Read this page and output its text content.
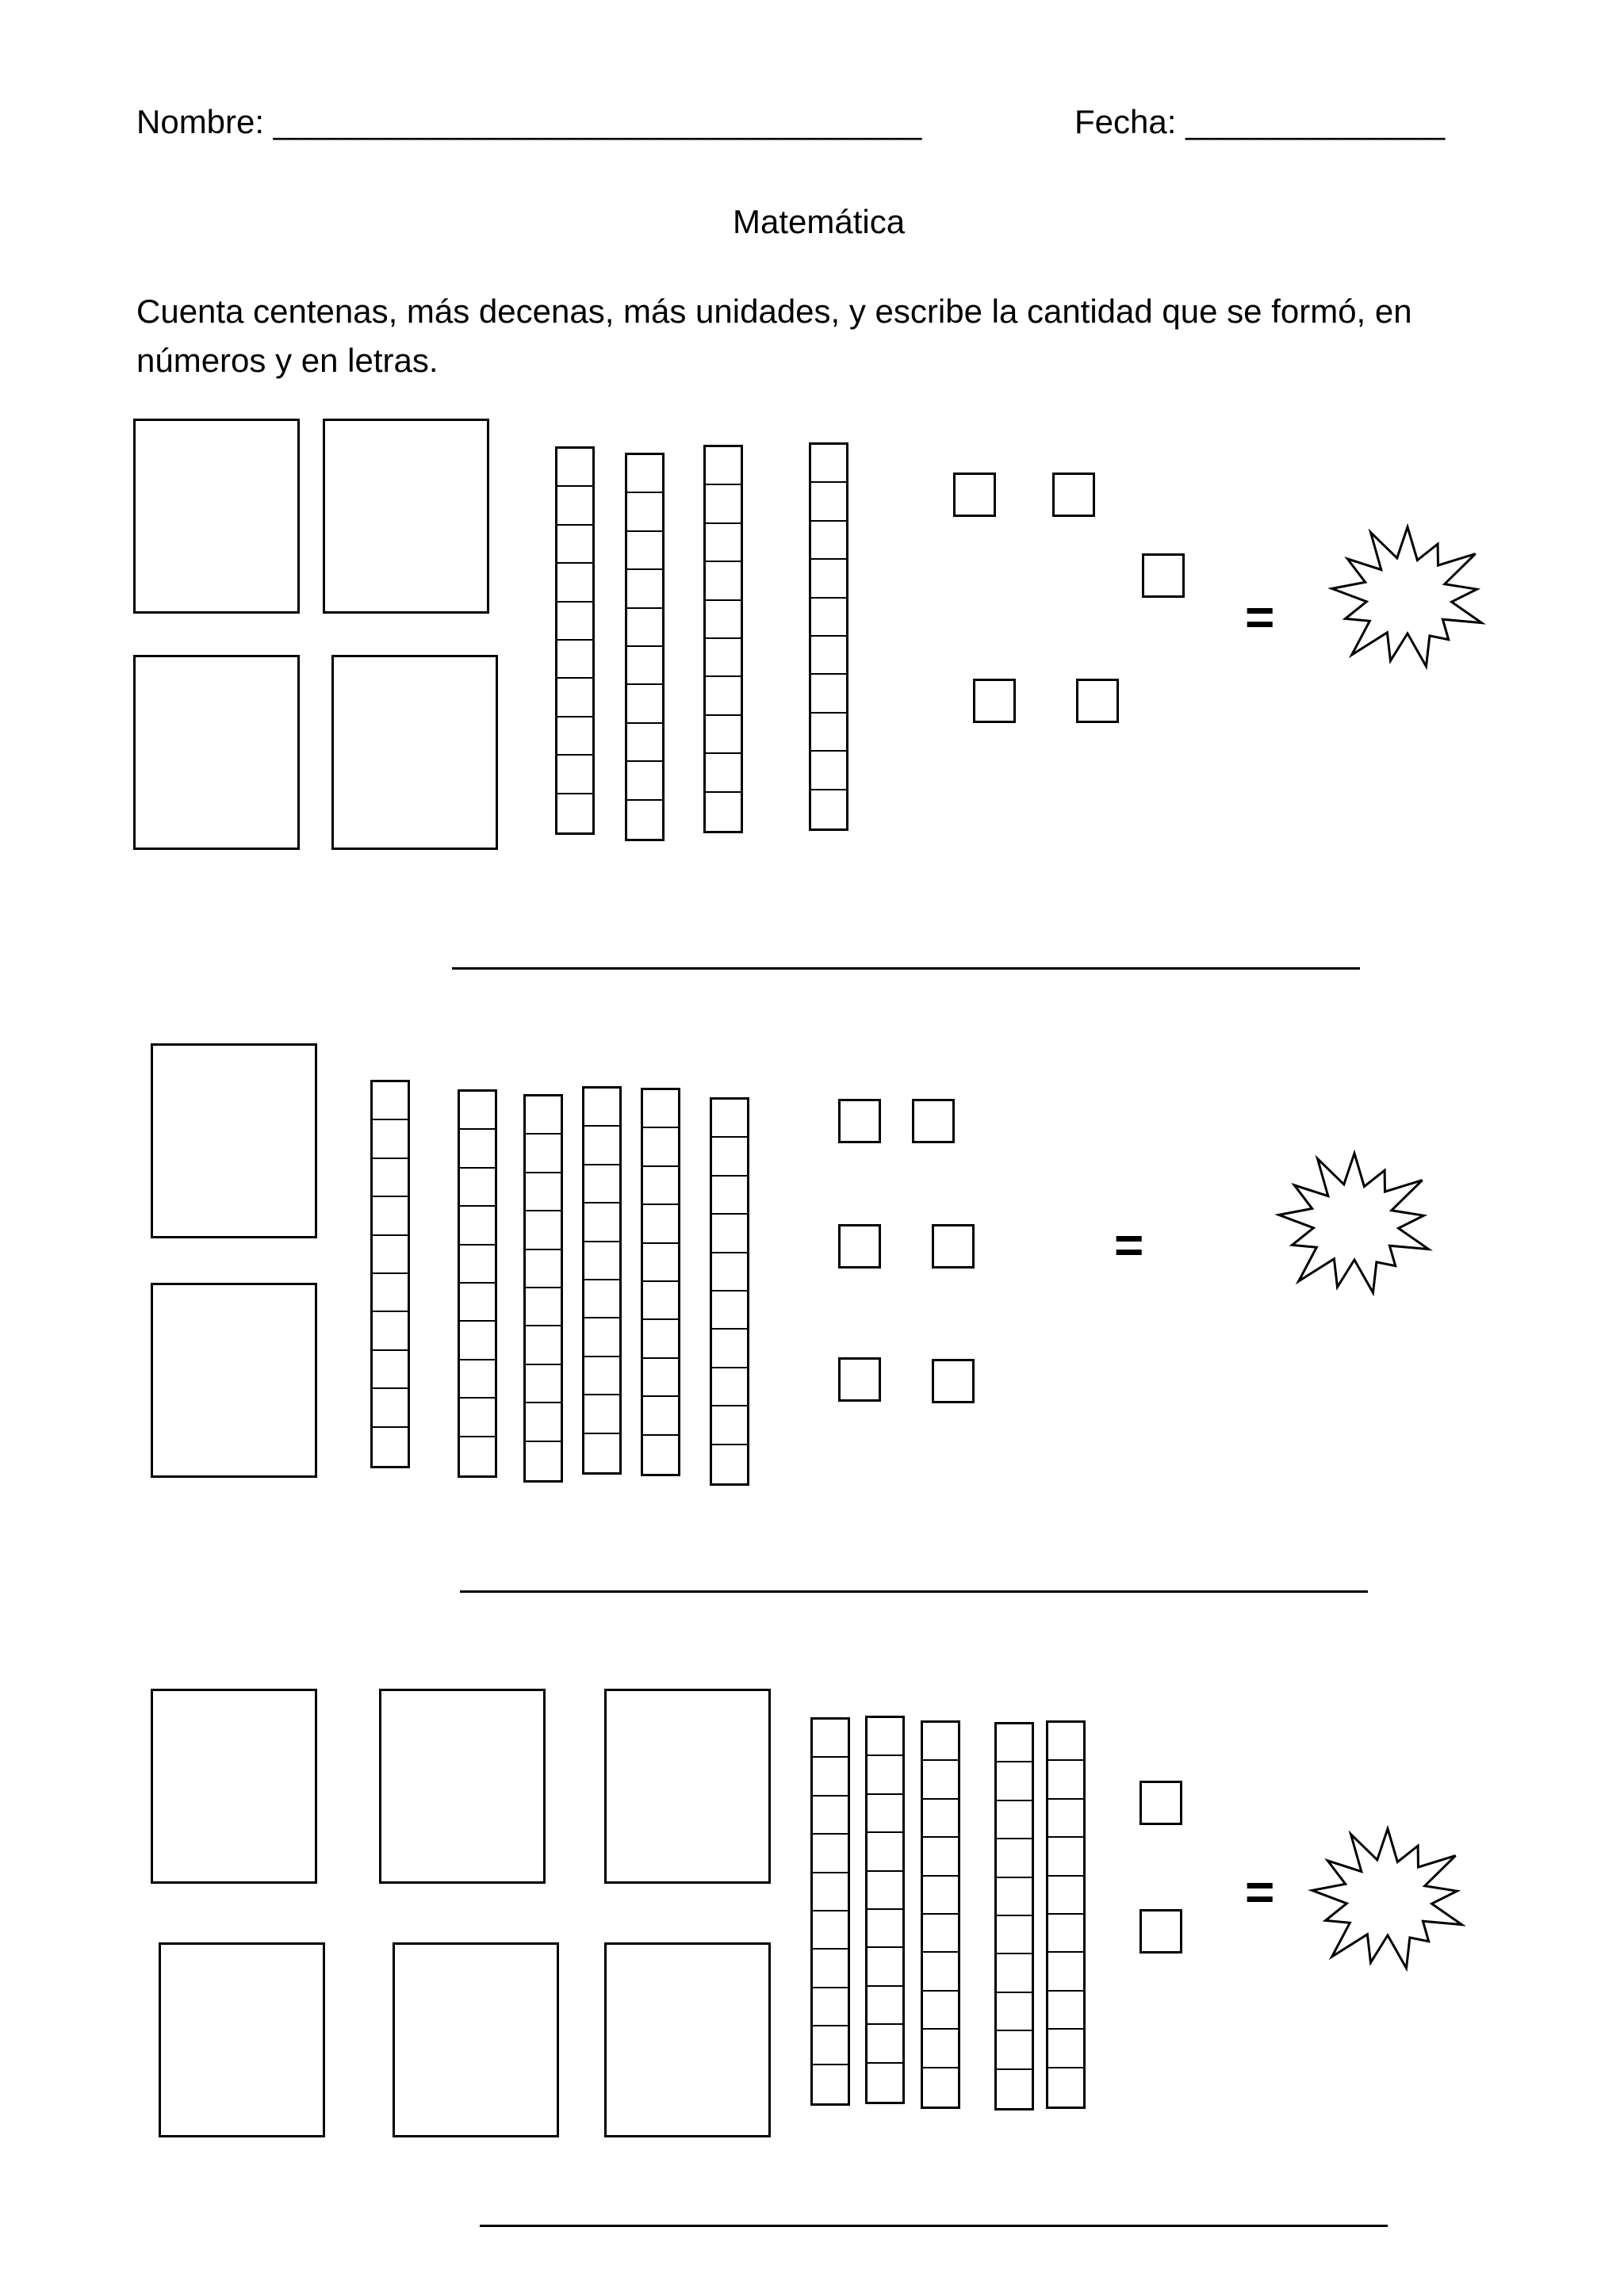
Nombre: ___________________________________	Fecha: ______________
Matemática
Cuenta centenas, más decenas, más unidades, y escribe la cantidad que se formó, en números y en letras.
=
=
=
